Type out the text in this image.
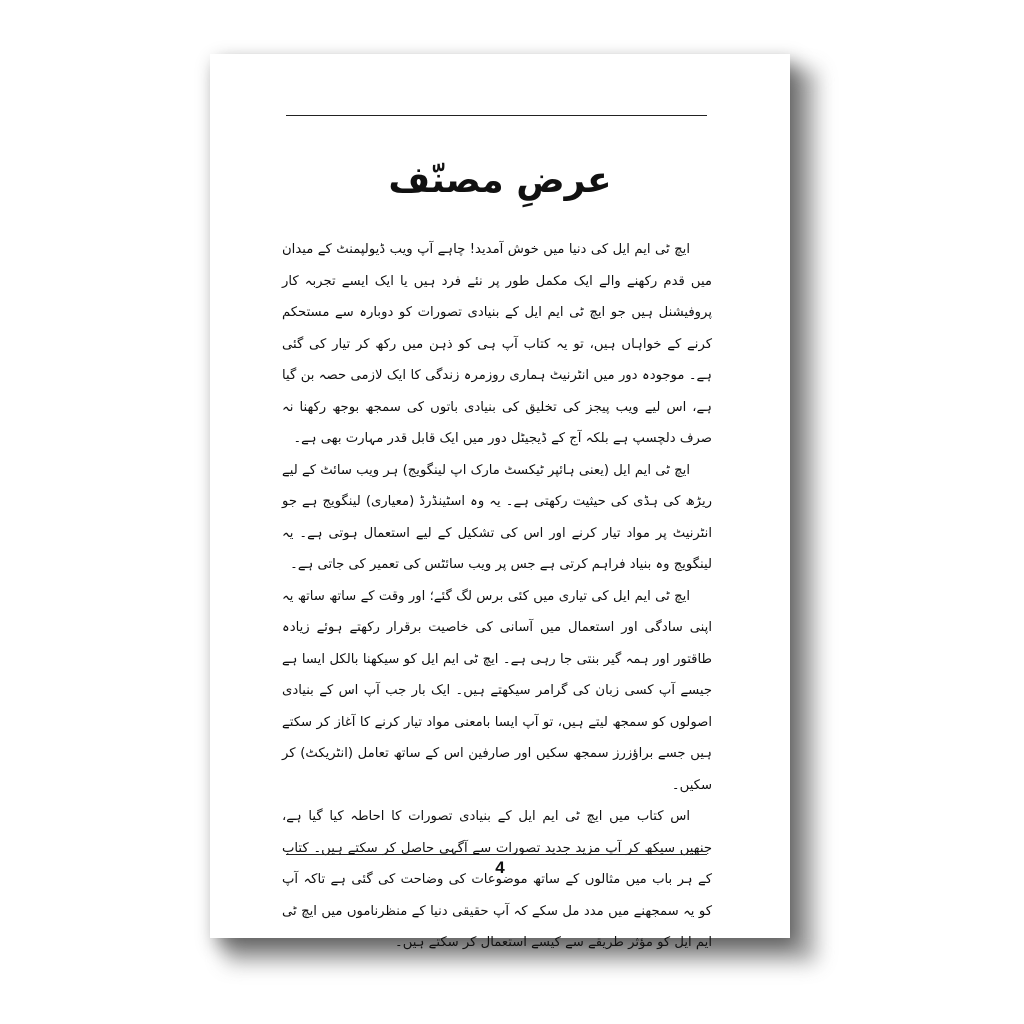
عرضِ مصنّف

ایچ ٹی ایم ایل کی دنیا میں خوش آمدید! چاہے آپ ویب ڈیولپمنٹ کے میدان میں قدم رکھنے والے ایک مکمل طور پر نئے فرد ہیں یا ایک ایسے تجربہ کار پروفیشنل ہیں جو ایچ ٹی ایم ایل کے بنیادی تصورات کو دوبارہ سے مستحکم کرنے کے خواہاں ہیں، تو یہ کتاب آپ ہی کو ذہن میں رکھ کر تیار کی گئی ہے۔ موجودہ دور میں انٹرنیٹ ہماری روزمرہ زندگی کا ایک لازمی حصہ بن گیا ہے، اس لیے ویب پیجز کی تخلیق کی بنیادی باتوں کی سمجھ بوجھ رکھنا نہ صرف دلچسپ ہے بلکہ آج کے ڈیجیٹل دور میں ایک قابل قدر مہارت بھی ہے۔

ایچ ٹی ایم ایل (یعنی ہائپر ٹیکسٹ مارک اپ لینگویج) ہر ویب سائٹ کے لیے ریڑھ کی ہڈی کی حیثیت رکھتی ہے۔ یہ وہ اسٹینڈرڈ (معیاری) لینگویج ہے جو انٹرنیٹ پر مواد تیار کرنے اور اس کی تشکیل کے لیے استعمال ہوتی ہے۔ یہ لینگویج وہ بنیاد فراہم کرتی ہے جس پر ویب سائٹس کی تعمیر کی جاتی ہے۔

ایچ ٹی ایم ایل کی تیاری میں کئی برس لگ گئے؛ اور وقت کے ساتھ ساتھ یہ اپنی سادگی اور استعمال میں آسانی کی خاصیت برقرار رکھتے ہوئے زیادہ طاقتور اور ہمہ گیر بنتی جا رہی ہے۔ ایچ ٹی ایم ایل کو سیکھنا بالکل ایسا ہے جیسے آپ کسی زبان کی گرامر سیکھتے ہیں۔ ایک بار جب آپ اس کے بنیادی اصولوں کو سمجھ لیتے ہیں، تو آپ ایسا بامعنی مواد تیار کرنے کا آغاز کر سکتے ہیں جسے براؤزرز سمجھ سکیں اور صارفین اس کے ساتھ تعامل (انٹریکٹ) کر سکیں۔

اس کتاب میں ایچ ٹی ایم ایل کے بنیادی تصورات کا احاطہ کیا گیا ہے، جنھیں سیکھ کر آپ مزید جدید تصورات سے آگہی حاصل کر سکتے ہیں۔ کتاب کے ہر باب میں مثالوں کے ساتھ موضوعات کی وضاحت کی گئی ہے تاکہ آپ کو یہ سمجھنے میں مدد مل سکے کہ آپ حقیقی دنیا کے منظرناموں میں ایچ ٹی ایم ایل کو مؤثر طریقے سے کیسے استعمال کر سکتے ہیں۔

4
